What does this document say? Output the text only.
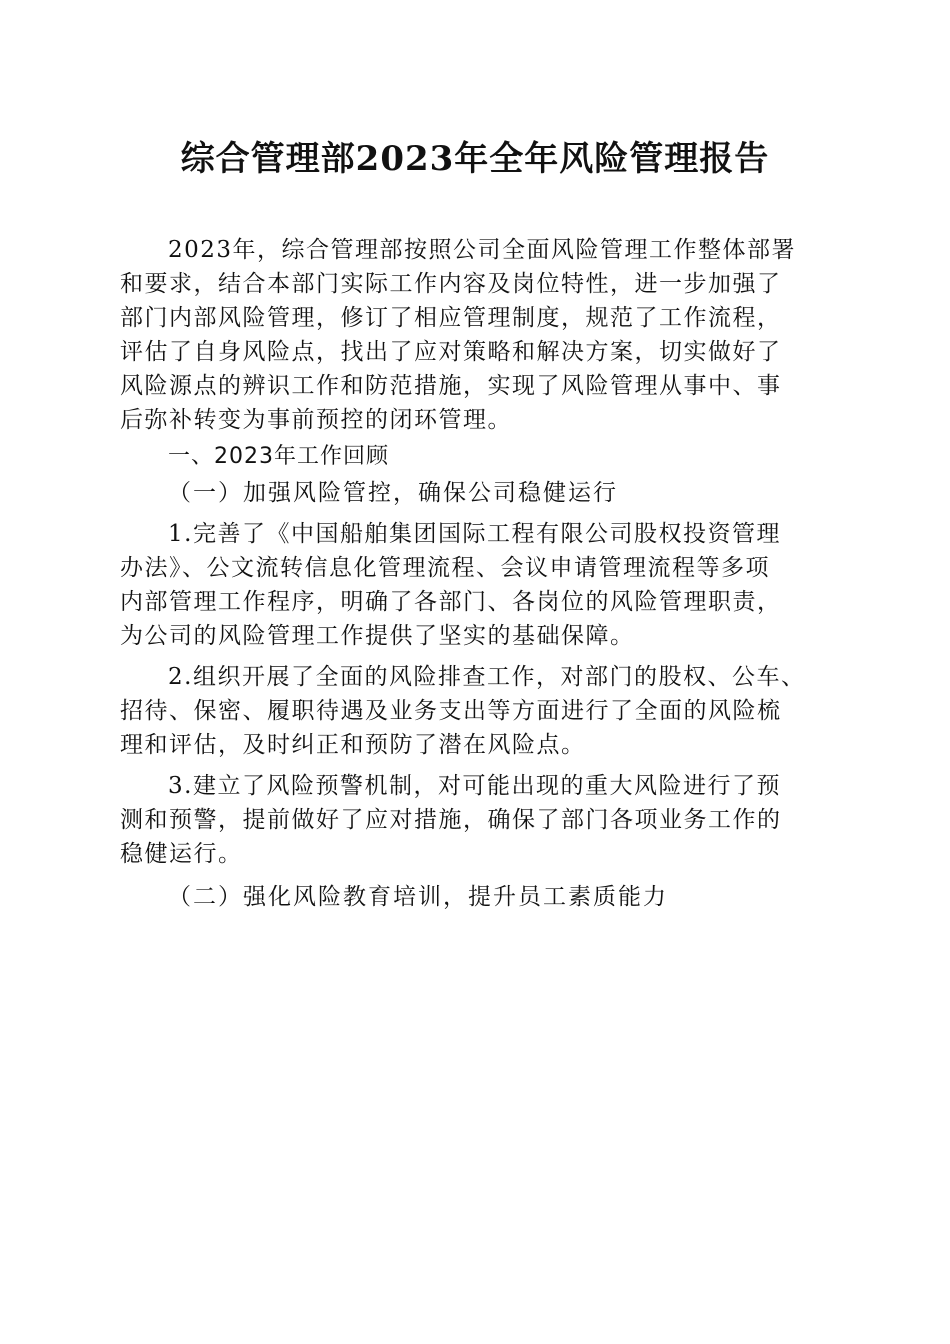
综合管理部2023年全年风险管理报告
2023年，综合管理部按照公司全面风险管理工作整体部署
和要求，结合本部门实际工作内容及岗位特性，进一步加强了
部门内部风险管理，修订了相应管理制度，规范了工作流程，
评估了自身风险点，找出了应对策略和解决方案，切实做好了
风险源点的辨识工作和防范措施，实现了风险管理从事中、事
后弥补转变为事前预控的闭环管理。
一、2023年工作回顾
（一）加强风险管控，确保公司稳健运行
1.完善了《中国船舶集团国际工程有限公司股权投资管理
办法》、公文流转信息化管理流程、会议申请管理流程等多项
内部管理工作程序，明确了各部门、各岗位的风险管理职责，
为公司的风险管理工作提供了坚实的基础保障。
2.组织开展了全面的风险排查工作，对部门的股权、公车、
招待、保密、履职待遇及业务支出等方面进行了全面的风险梳
理和评估，及时纠正和预防了潜在风险点。
3.建立了风险预警机制，对可能出现的重大风险进行了预
测和预警，提前做好了应对措施，确保了部门各项业务工作的
稳健运行。
（二）强化风险教育培训，提升员工素质能力
